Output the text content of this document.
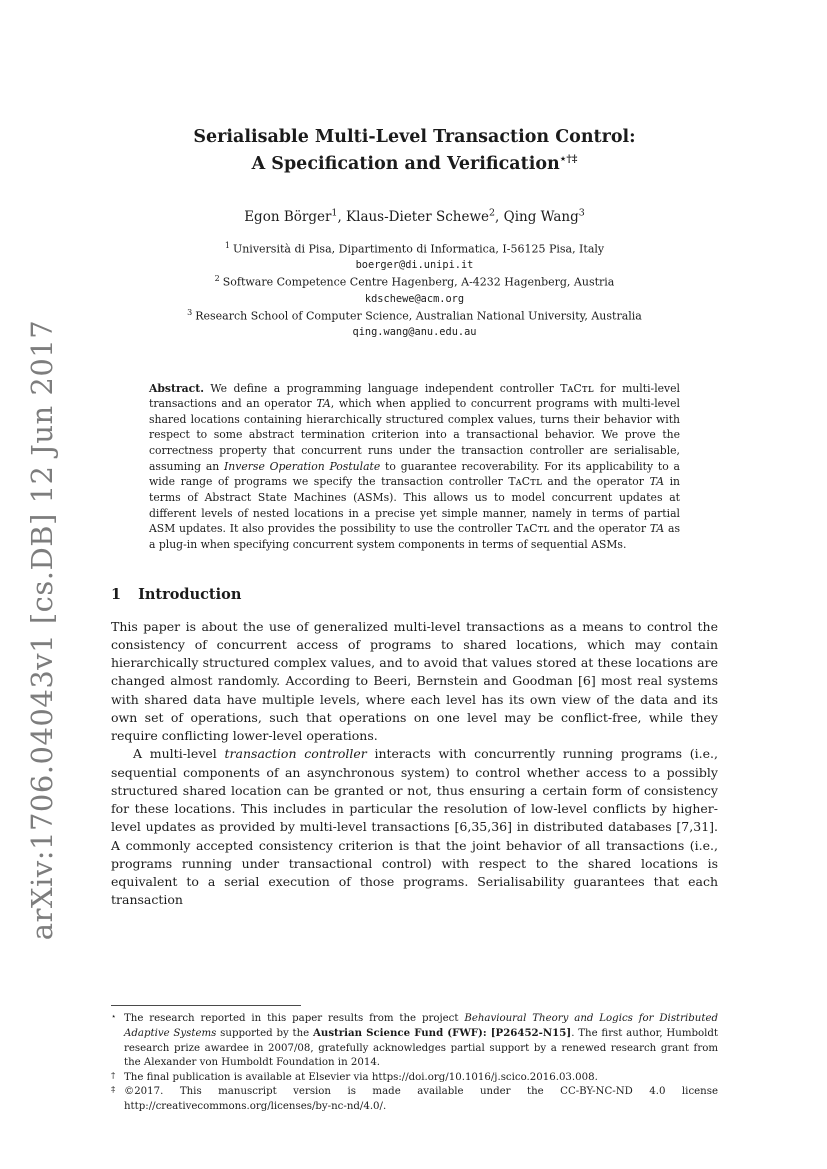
arXiv:1706.04043v1 [cs.DB] 12 Jun 2017
Serialisable Multi-Level Transaction Control:
A Specification and Verification⋆†‡
Egon Börger$^1$, Klaus-Dieter Schewe$^2$, Qing Wang$^3$
$^1$ Università di Pisa, Dipartimento di Informatica, I-56125 Pisa, Italy
boerger@di.unipi.it
$^2$ Software Competence Centre Hagenberg, A-4232 Hagenberg, Austria
kdschewe@acm.org
$^3$ Research School of Computer Science, Australian National University, Australia
qing.wang@anu.edu.au
Abstract. We define a programming language independent controller TᴀCᴛʟ for multi-level transactions and an operator TA, which when applied to concurrent programs with multi-level shared locations containing hierarchically structured complex values, turns their behavior with respect to some abstract termination criterion into a transactional behavior. We prove the correctness property that concurrent runs under the transaction controller are serialisable, assuming an Inverse Operation Postulate to guarantee recoverability. For its applicability to a wide range of programs we specify the transaction controller TᴀCᴛʟ and the operator TA in terms of Abstract State Machines (ASMs). This allows us to model concurrent updates at different levels of nested locations in a precise yet simple manner, namely in terms of partial ASM updates. It also provides the possibility to use the controller TᴀCᴛʟ and the operator TA as a plug-in when specifying concurrent system components in terms of sequential ASMs.
1 Introduction

This paper is about the use of generalized multi-level transactions as a means to control the consistency of concurrent access of programs to shared locations, which may contain hierarchically structured complex values, and to avoid that values stored at these locations are changed almost randomly. According to Beeri, Bernstein and Goodman [6] most real systems with shared data have multiple levels, where each level has its own view of the data and its own set of operations, such that operations on one level may be conflict-free, while they require conflicting lower-level operations.

A multi-level transaction controller interacts with concurrently running programs (i.e., sequential components of an asynchronous system) to control whether access to a possibly structured shared location can be granted or not, thus ensuring a certain form of consistency for these locations. This includes in particular the resolution of low-level conflicts by higher-level updates as provided by multi-level transactions [6,35,36] in distributed databases [7,31]. A commonly accepted consistency criterion is that the joint behavior of all transactions (i.e., programs running under transactional control) with respect to the shared locations is equivalent to a serial execution of those programs. Serialisability guarantees that each transaction

⋆ The research reported in this paper results from the project Behavioural Theory and Logics for Distributed Adaptive Systems supported by the Austrian Science Fund (FWF): [P26452-N15]. The first author, Humboldt research prize awardee in 2007/08, gratefully acknowledges partial support by a renewed research grant from the Alexander von Humboldt Foundation in 2014.
† The final publication is available at Elsevier via https://doi.org/10.1016/j.scico.2016.03.008.
‡ ©2017. This manuscript version is made available under the CC-BY-NC-ND 4.0 license http://creativecommons.org/licenses/by-nc-nd/4.0/.
